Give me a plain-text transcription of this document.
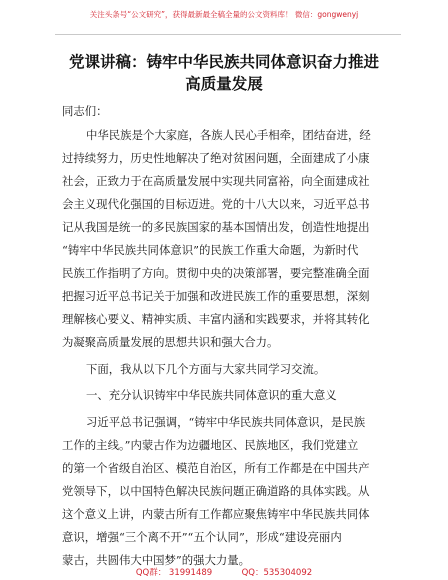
关注头条号“公文研究”，获得最新最全稿全量的公文资料库！ 微信：gongwenyj
党课讲稿：铸牢中华民族共同体意识奋力推进
高质量发展
同志们：
中华民族是个大家庭，各族人民心手相牵，团结奋进，经
过持续努力，历史性地解决了绝对贫困问题，全面建成了小康
社会，正致力于在高质量发展中实现共同富裕，向全面建成社
会主义现代化强国的目标迈进。党的十八大以来，习近平总书
记从我国是统一的多民族国家的基本国情出发，创造性地提出
“铸牢中华民族共同体意识”的民族工作重大命题，为新时代
民族工作指明了方向。贯彻中央的决策部署，要完整准确全面
把握习近平总书记关于加强和改进民族工作的重要思想，深刻
理解核心要义、精神实质、丰富内涵和实践要求，并将其转化
为凝聚高质量发展的思想共识和强大合力。
下面，我从以下几个方面与大家共同学习交流。
一、充分认识铸牢中华民族共同体意识的重大意义
习近平总书记强调，“铸牢中华民族共同体意识，是民族
工作的主线。”内蒙古作为边疆地区、民族地区，我们党建立
的第一个省级自治区、模范自治区，所有工作都是在中国共产
党领导下，以中国特色解决民族问题正确道路的具体实践。从
这个意义上讲，内蒙古所有工作都应聚焦铸牢中华民族共同体
意识，增强“三个离不开”“五个认同”，形成“建设亮丽内
蒙古，共圆伟大中国梦”的强大力量。
QQ群： 31991489	QQ：535304092
